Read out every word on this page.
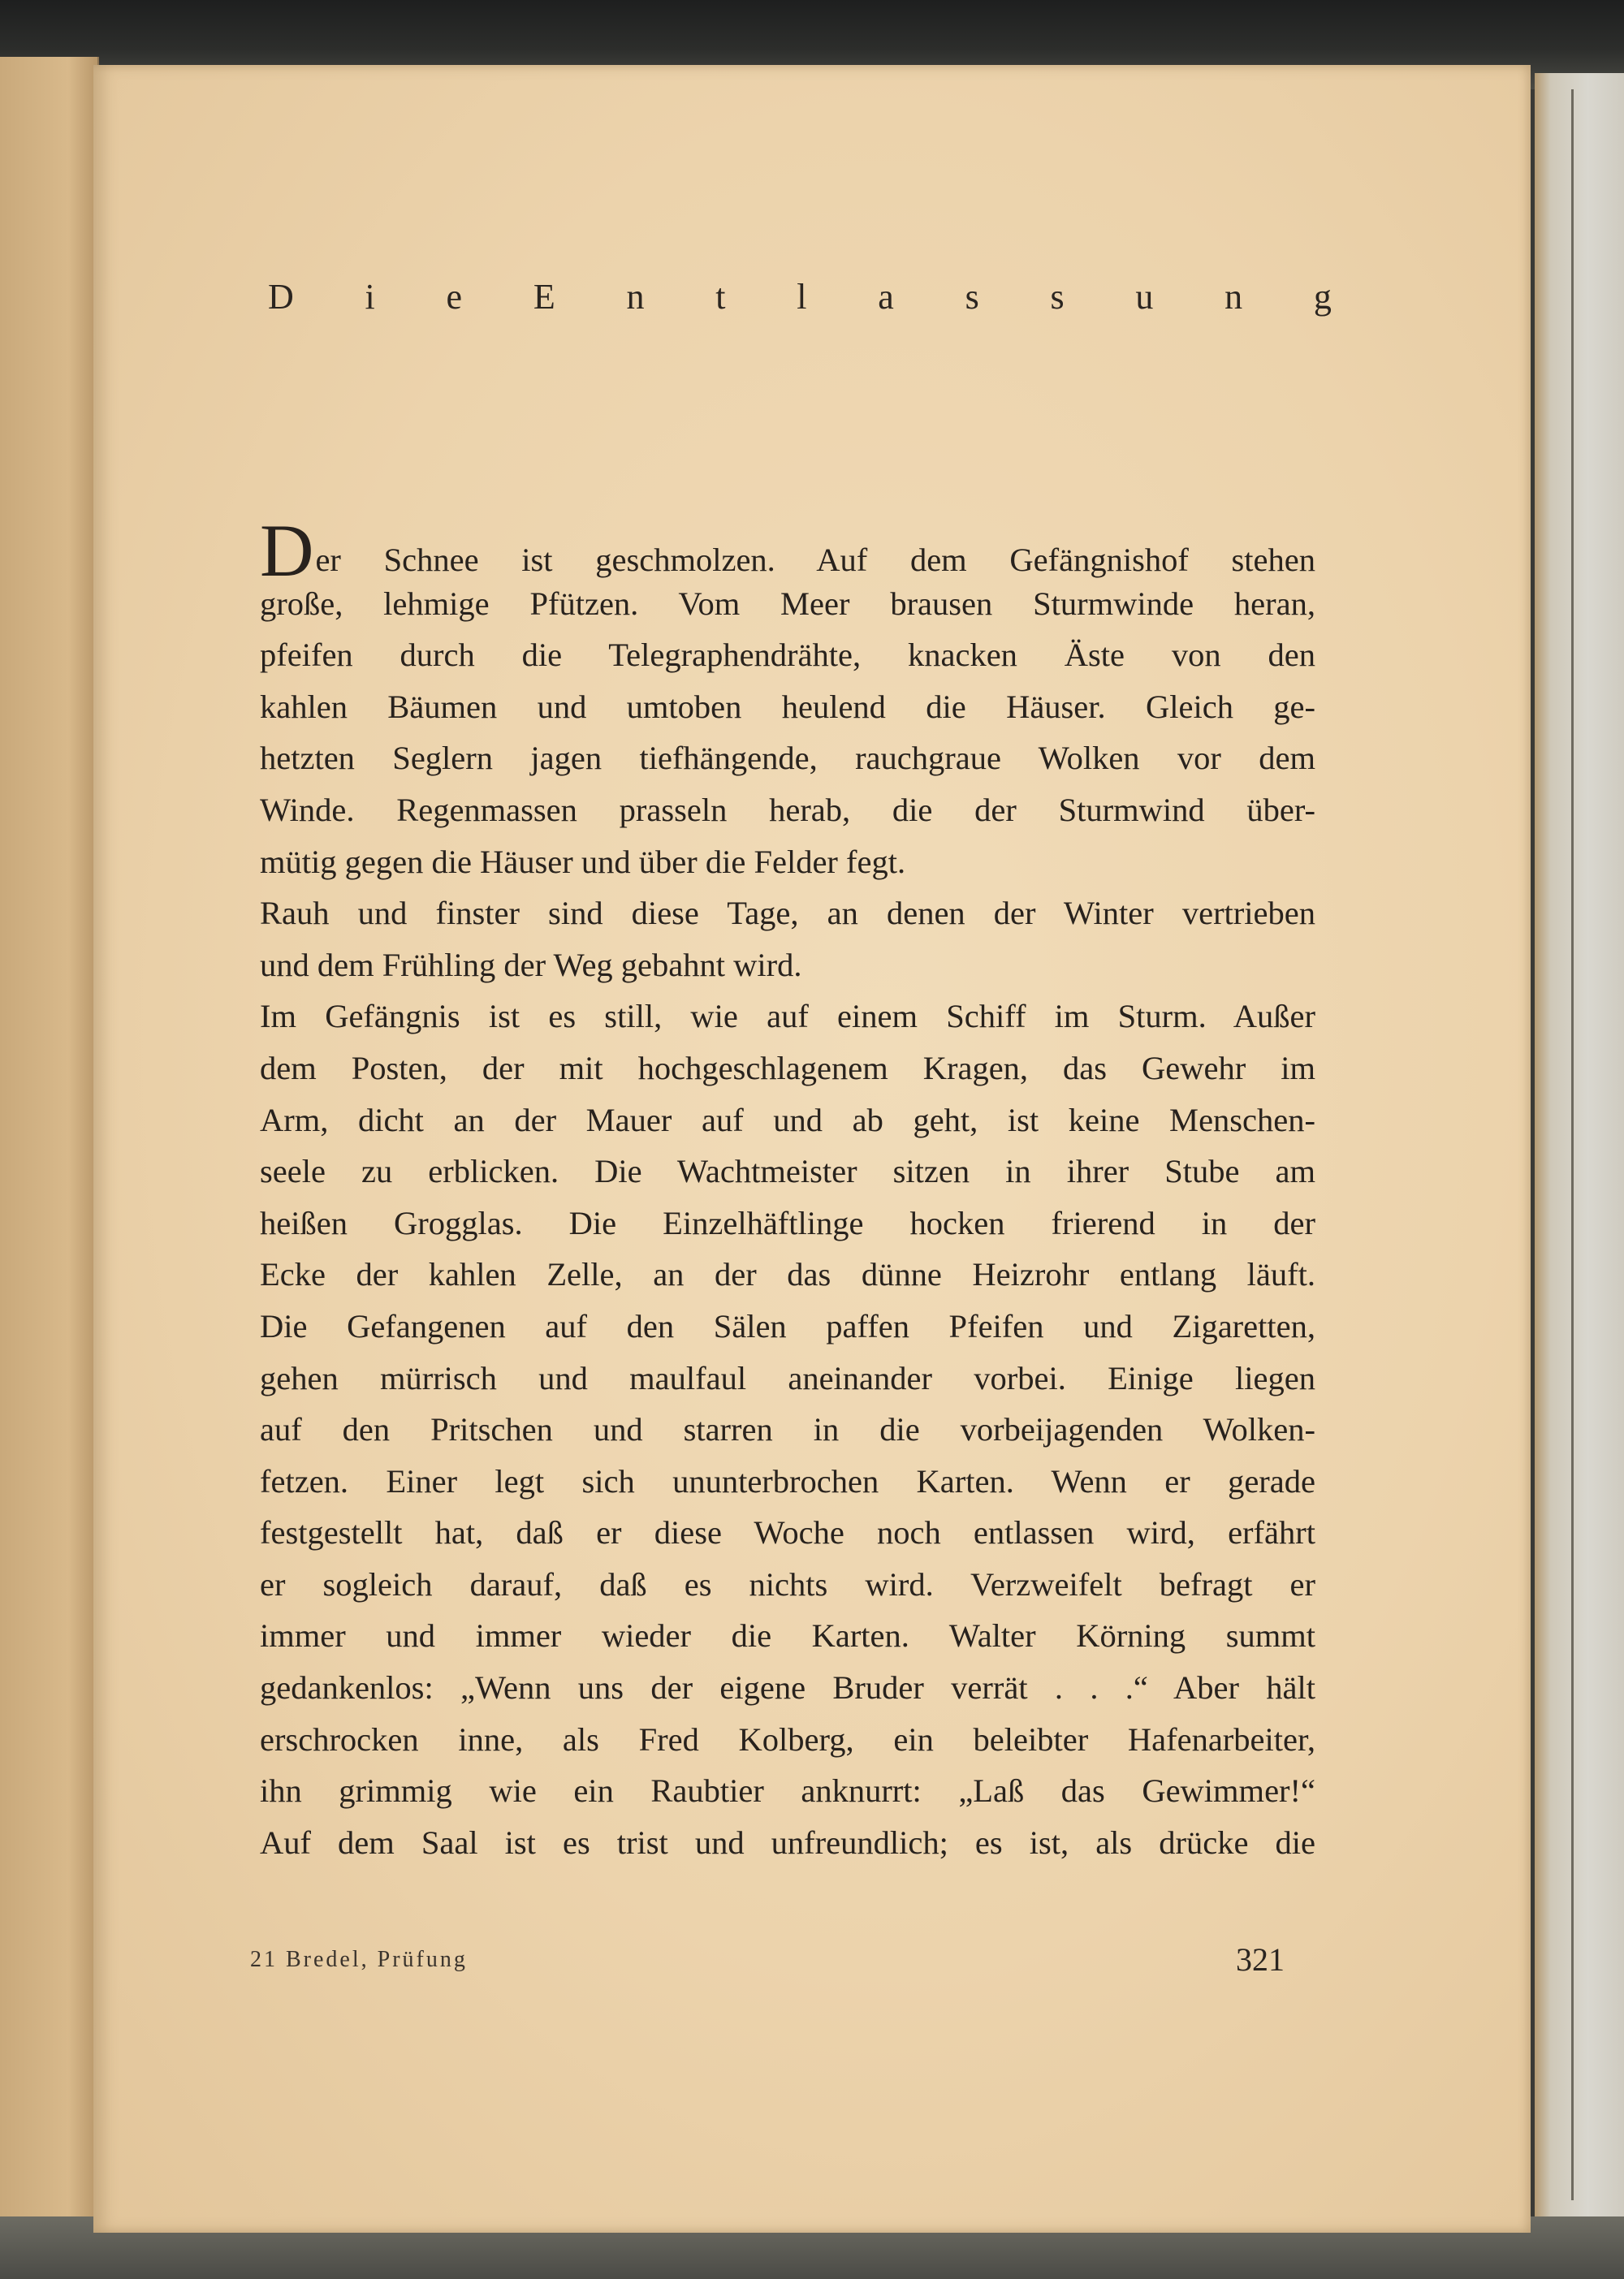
D i e E n t l a s s u n g
Der Schnee ist geschmolzen. Auf dem Gefängnishof stehen
große, lehmige Pfützen. Vom Meer brausen Sturmwinde heran,
pfeifen durch die Telegraphendrähte, knacken Äste von den
kahlen Bäumen und umtoben heulend die Häuser. Gleich ge-
hetzten Seglern jagen tiefhängende, rauchgraue Wolken vor dem
Winde. Regenmassen prasseln herab, die der Sturmwind über-
mütig gegen die Häuser und über die Felder fegt.
Rauh und finster sind diese Tage, an denen der Winter vertrieben
und dem Frühling der Weg gebahnt wird.
Im Gefängnis ist es still, wie auf einem Schiff im Sturm. Außer
dem Posten, der mit hochgeschlagenem Kragen, das Gewehr im
Arm, dicht an der Mauer auf und ab geht, ist keine Menschen-
seele zu erblicken. Die Wachtmeister sitzen in ihrer Stube am
heißen Grogglas. Die Einzelhäftlinge hocken frierend in der
Ecke der kahlen Zelle, an der das dünne Heizrohr entlang läuft.
Die Gefangenen auf den Sälen paffen Pfeifen und Zigaretten,
gehen mürrisch und maulfaul aneinander vorbei. Einige liegen
auf den Pritschen und starren in die vorbeijagenden Wolken-
fetzen. Einer legt sich ununterbrochen Karten. Wenn er gerade
festgestellt hat, daß er diese Woche noch entlassen wird, erfährt
er sogleich darauf, daß es nichts wird. Verzweifelt befragt er
immer und immer wieder die Karten. Walter Körning summt
gedankenlos: „Wenn uns der eigene Bruder verrät . . .“ Aber hält
erschrocken inne, als Fred Kolberg, ein beleibter Hafenarbeiter,
ihn grimmig wie ein Raubtier anknurrt: „Laß das Gewimmer!“
Auf dem Saal ist es trist und unfreundlich; es ist, als drücke die
21 Bredel, Prüfung	321
